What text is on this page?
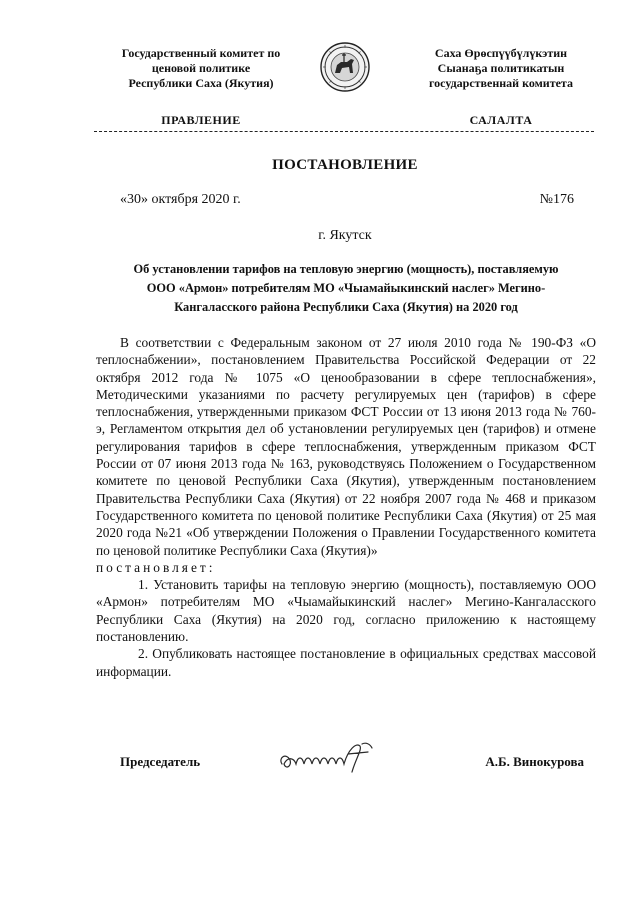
Государственный комитет по
ценовой политике
Республики Саха (Якутия)
Саха Өрөспүүбүлүкэтин
Сыанаҕа политикатын
государственнай комитета
ПРАВЛЕНИЕ	САЛАЛТА
ПОСТАНОВЛЕНИЕ
«30» октября 2020 г.	№176
г. Якутск
Об установлении тарифов на тепловую энергию (мощность), поставляемую
ООО «Армон» потребителям МО «Чыамайыкинский наслег» Мегино-
Кангаласского района Республики Саха (Якутия) на 2020 год

В соответствии с Федеральным законом от 27 июля 2010 года № 190-ФЗ «О теплоснабжении», постановлением Правительства Российской Федерации от 22 октября 2012 года № 1075 «О ценообразовании в сфере теплоснабжения», Методическими указаниями по расчету регулируемых цен (тарифов) в сфере теплоснабжения, утвержденными приказом ФСТ России от 13 июня 2013 года № 760-э, Регламентом открытия дел об установлении регулируемых цен (тарифов) и отмене регулирования тарифов в сфере теплоснабжения, утвержденным приказом ФСТ России от 07 июня 2013 года № 163, руководствуясь Положением о Государственном комитете по ценовой Республики Саха (Якутия), утвержденным постановлением Правительства Республики Саха (Якутия) от 22 ноября 2007 года № 468 и приказом Государственного комитета по ценовой политике Республики Саха (Якутия) от 25 мая 2020 года №21 «Об утверждении Положения о Правлении Государственного комитета по ценовой политике Республики Саха (Якутия)»

постановляет:

1. Установить тарифы на тепловую энергию (мощность), поставляемую ООО «Армон» потребителям МО «Чыамайыкинский наслег» Мегино-Кангаласского Республики Саха (Якутия) на 2020 год, согласно приложению к настоящему постановлению.

2. Опубликовать настоящее постановление в официальных средствах массовой информации.

Председатель	А.Б. Винокурова
